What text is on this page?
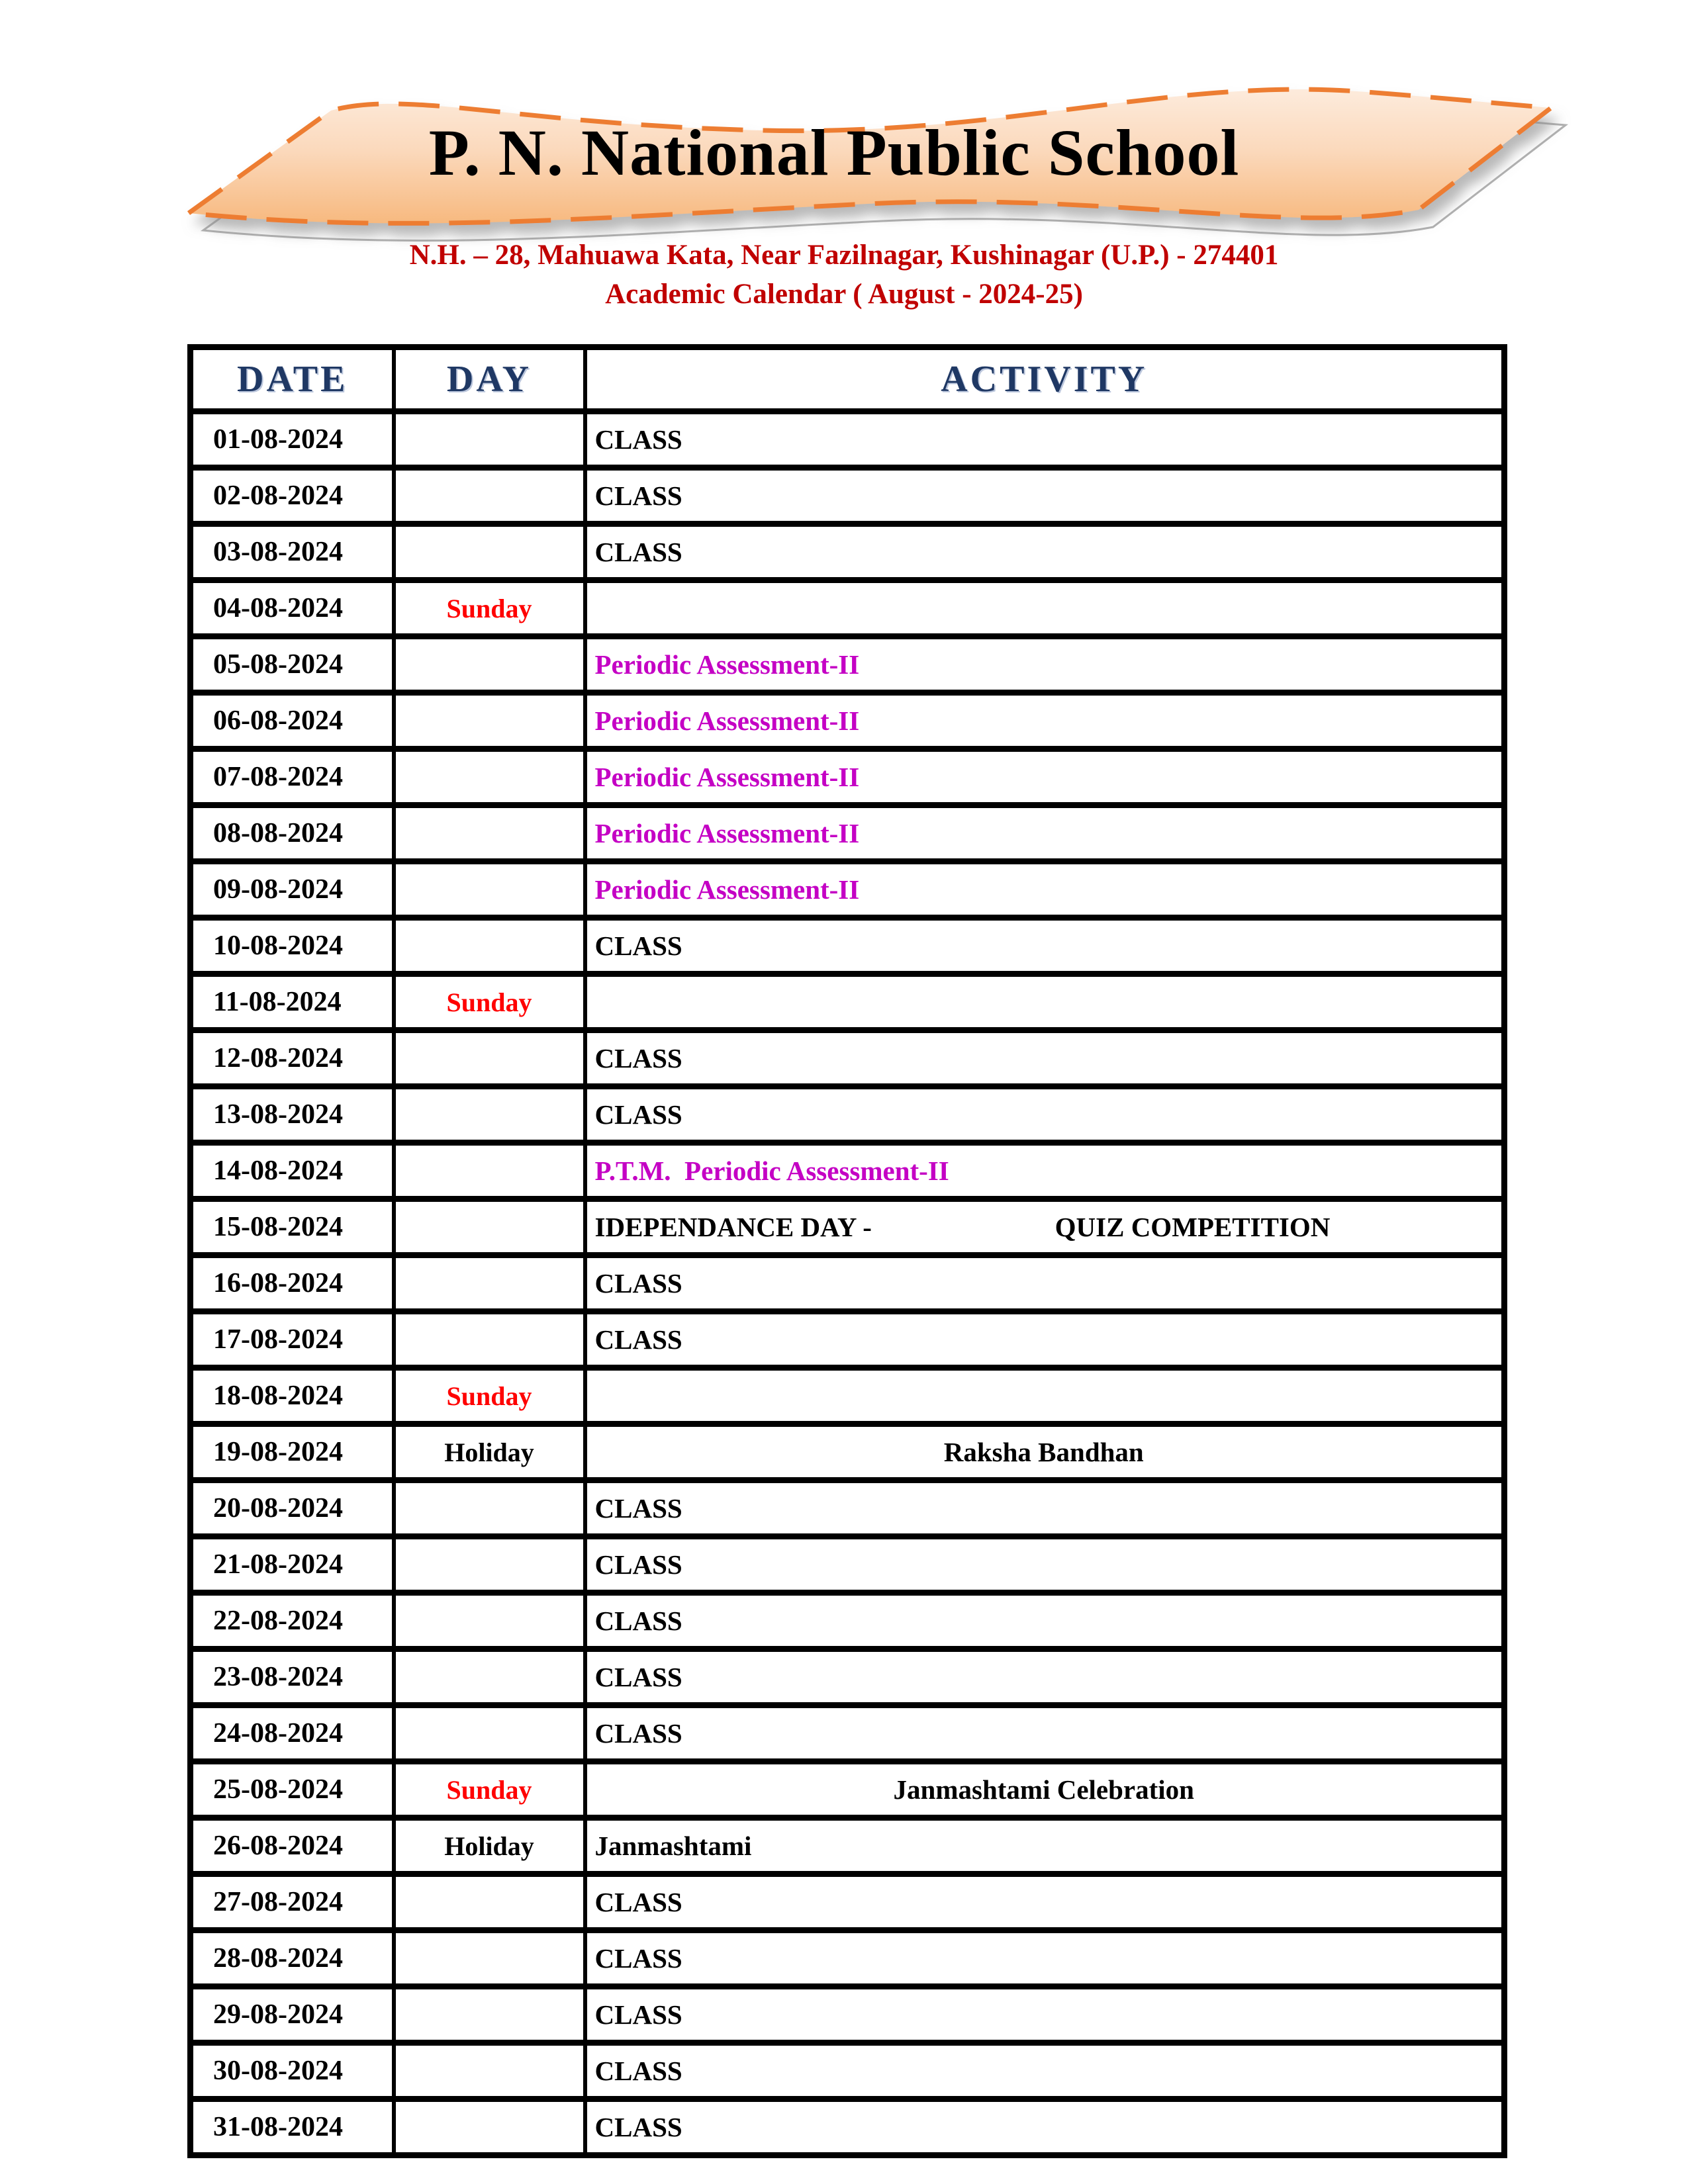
P. N. National Public School
N.H. – 28, Mahuawa Kata, Near Fazilnagar, Kushinagar (U.P.) - 274401
Academic Calendar ( August - 2024-25)
DATE	DAY	ACTIVITY
01-08-2024		CLASS
02-08-2024		CLASS
03-08-2024		CLASS
04-08-2024	Sunday	
05-08-2024		Periodic Assessment-II
06-08-2024		Periodic Assessment-II
07-08-2024		Periodic Assessment-II
08-08-2024		Periodic Assessment-II
09-08-2024		Periodic Assessment-II
10-08-2024		CLASS
11-08-2024	Sunday	
12-08-2024		CLASS
13-08-2024		CLASS
14-08-2024		P.T.M.  Periodic Assessment-II
15-08-2024		IDEPENDANCE DAY -                           QUIZ COMPETITION
16-08-2024		CLASS
17-08-2024		CLASS
18-08-2024	Sunday	
19-08-2024	Holiday	Raksha Bandhan
20-08-2024		CLASS
21-08-2024		CLASS
22-08-2024		CLASS
23-08-2024		CLASS
24-08-2024		CLASS
25-08-2024	Sunday	Janmashtami Celebration
26-08-2024	Holiday	Janmashtami
27-08-2024		CLASS
28-08-2024		CLASS
29-08-2024		CLASS
30-08-2024		CLASS
31-08-2024		CLASS
